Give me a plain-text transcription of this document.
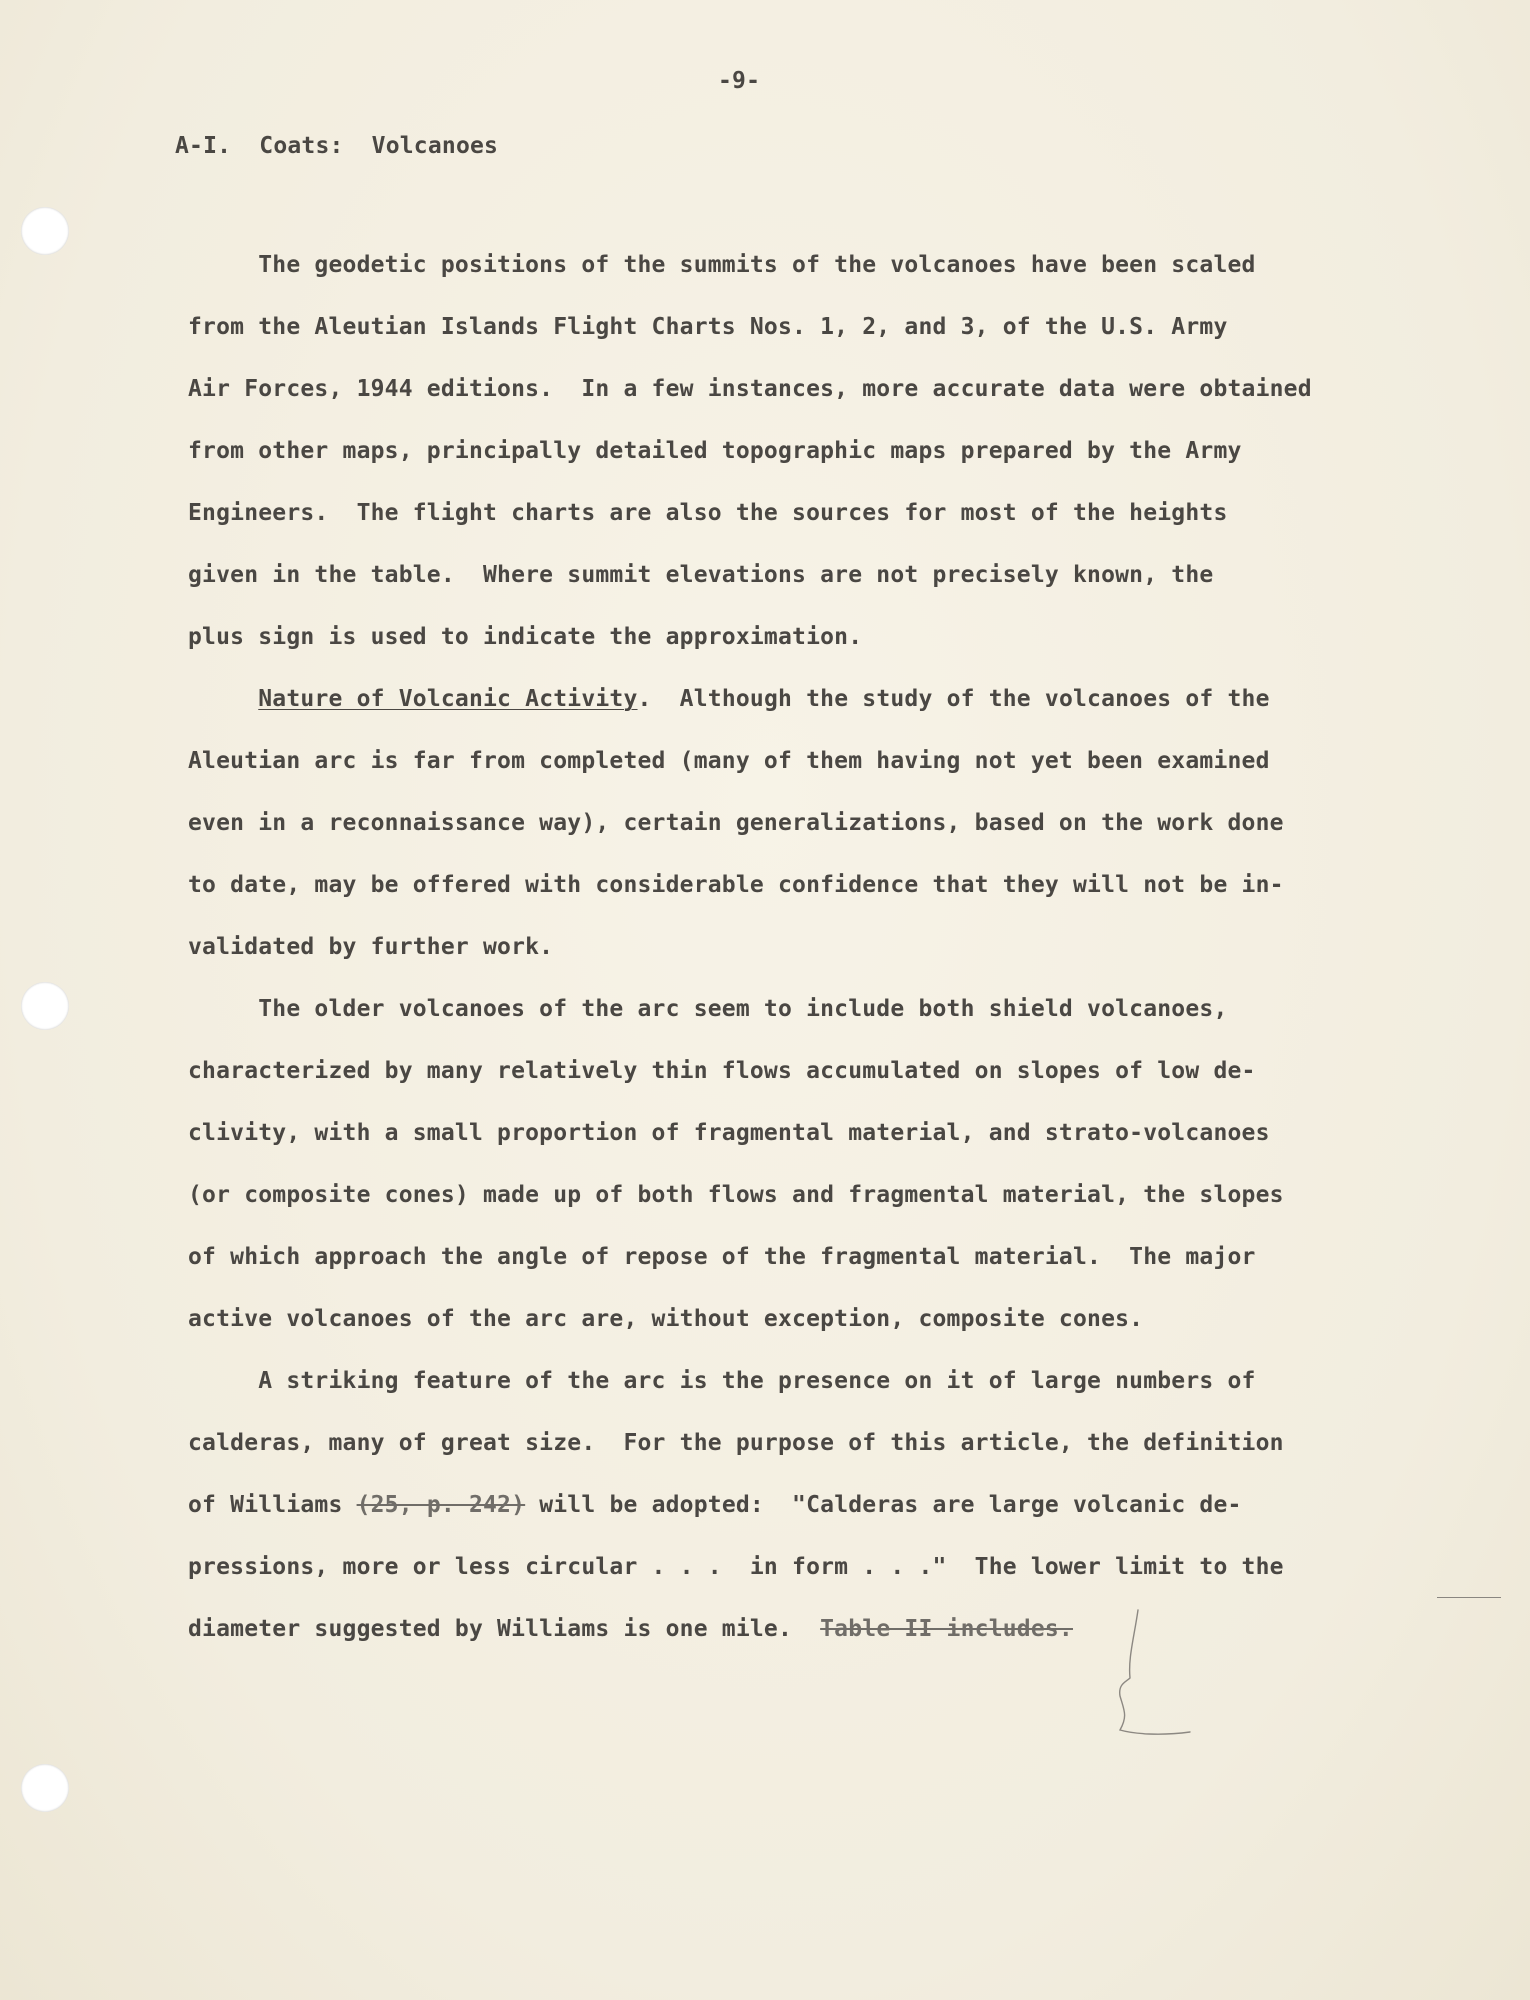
-9-
A-I.  Coats:  Volcanoes
The geodetic positions of the summits of the volcanoes have been scaled
from the Aleutian Islands Flight Charts Nos. 1, 2, and 3, of the U.S. Army
Air Forces, 1944 editions.  In a few instances, more accurate data were obtained
from other maps, principally detailed topographic maps prepared by the Army
Engineers.  The flight charts are also the sources for most of the heights
given in the table.  Where summit elevations are not precisely known, the
plus sign is used to indicate the approximation.
Nature of Volcanic Activity.  Although the study of the volcanoes of the
Aleutian arc is far from completed (many of them having not yet been examined
even in a reconnaissance way), certain generalizations, based on the work done
to date, may be offered with considerable confidence that they will not be in-
validated by further work.
The older volcanoes of the arc seem to include both shield volcanoes,
characterized by many relatively thin flows accumulated on slopes of low de-
clivity, with a small proportion of fragmental material, and strato-volcanoes
(or composite cones) made up of both flows and fragmental material, the slopes
of which approach the angle of repose of the fragmental material.  The major
active volcanoes of the arc are, without exception, composite cones.
A striking feature of the arc is the presence on it of large numbers of
calderas, many of great size.  For the purpose of this article, the definition
of Williams (25, p. 242) will be adopted:  "Calderas are large volcanic de-
pressions, more or less circular . . .  in form . . ."  The lower limit to the
diameter suggested by Williams is one mile.  Table II includes.
